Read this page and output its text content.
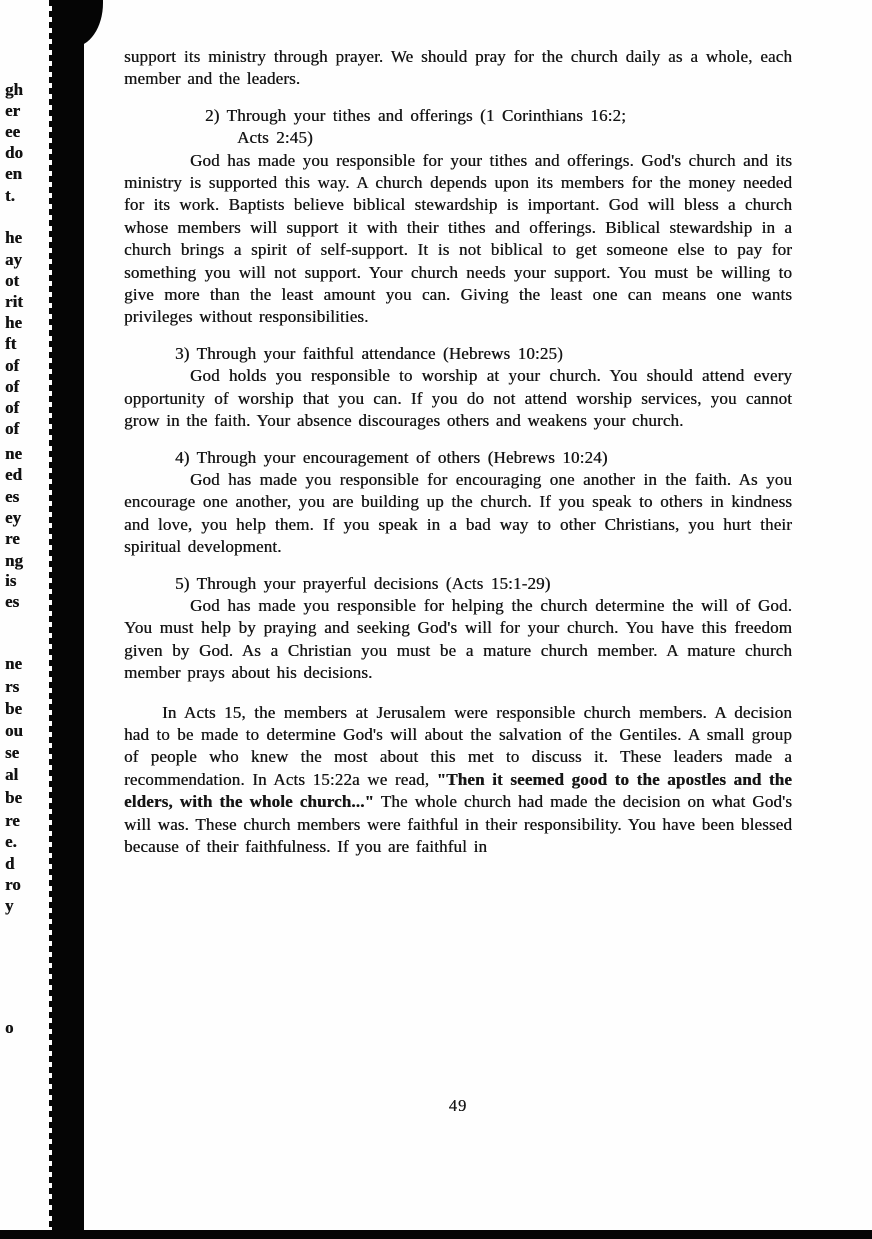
gh
er
ee
do
en
t.
he
ay
ot
rit
he
ft
of
of
of
of
ne
ed
es
ey
re
ng
is
es
ne
rs
be
ou
se
al
be
re
e.
d
ro
y
o

support its ministry through prayer. We should pray for the church daily as a whole, each member and the leaders.

2) Through your tithes and offerings (1 Corinthians 16:2;
Acts 2:45)

God has made you responsible for your tithes and offerings. God's church and its ministry is supported this way. A church depends upon its members for the money needed for its work. Baptists believe biblical stewardship is important. God will bless a church whose members will support it with their tithes and offerings. Biblical stewardship in a church brings a spirit of self-support. It is not biblical to get someone else to pay for something you will not support. Your church needs your support. You must be willing to give more than the least amount you can. Giving the least one can means one wants privileges without responsibilities.

3) Through your faithful attendance (Hebrews 10:25)

God holds you responsible to worship at your church. You should attend every opportunity of worship that you can. If you do not attend worship services, you cannot grow in the faith. Your absence discourages others and weakens your church.

4) Through your encouragement of others (Hebrews 10:24)

God has made you responsible for encouraging one another in the faith. As you encourage one another, you are building up the church. If you speak to others in kindness and love, you help them. If you speak in a bad way to other Christians, you hurt their spiritual development.

5) Through your prayerful decisions (Acts 15:1-29)

God has made you responsible for helping the church determine the will of God. You must help by praying and seeking God's will for your church. You have this freedom given by God. As a Christian you must be a mature church member. A mature church member prays about his decisions.

In Acts 15, the members at Jerusalem were responsible church members. A decision had to be made to determine God's will about the salvation of the Gentiles. A small group of people who knew the most about this met to discuss it. These leaders made a recommendation. In Acts 15:22a we read, "Then it seemed good to the apostles and the elders, with the whole church..." The whole church had made the decision on what God's will was. These church members were faithful in their responsibility. You have been blessed because of their faithfulness. If you are faithful in

49
